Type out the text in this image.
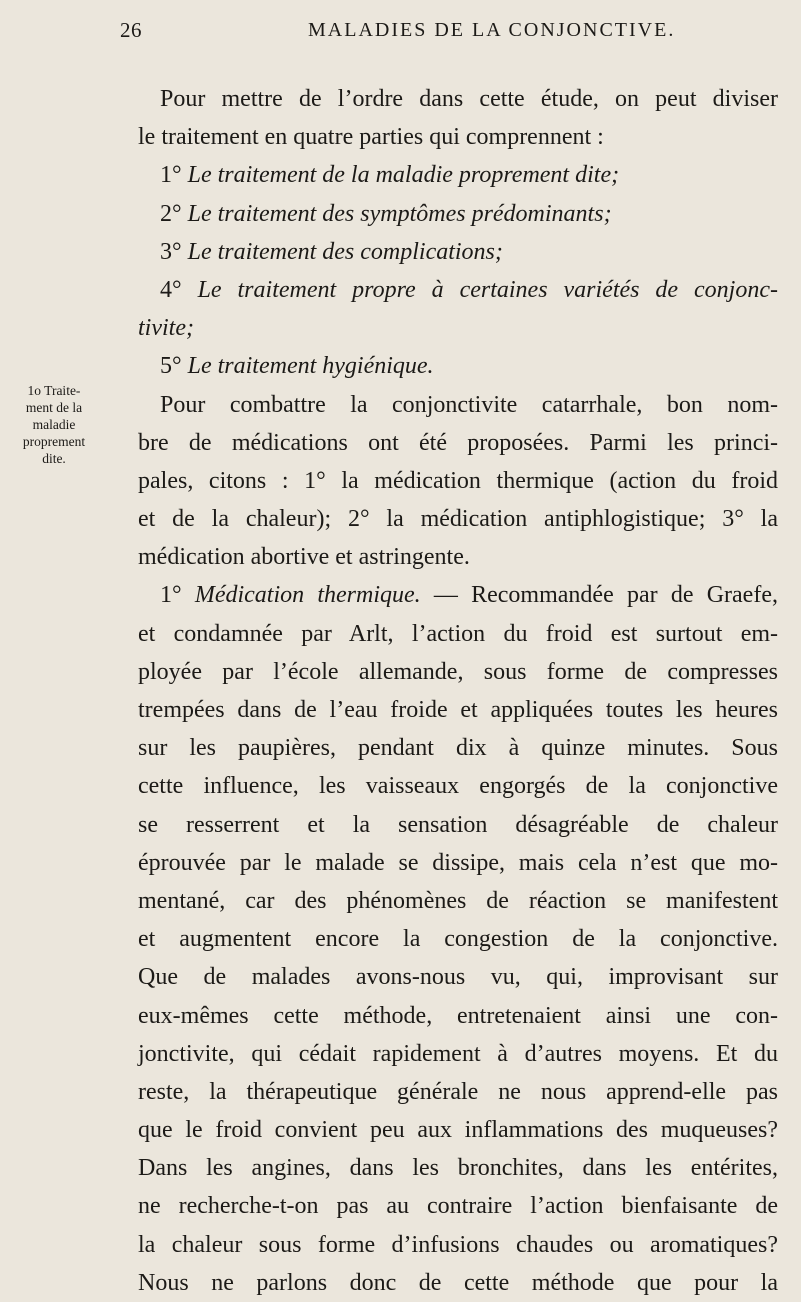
26	MALADIES DE LA CONJONCTIVE.
1o Traite-
ment de la
maladie
proprement
dite.
Pour mettre de l’ordre dans cette étude, on peut diviser
le traitement en quatre parties qui comprennent :
1° Le traitement de la maladie proprement dite;
2° Le traitement des symptômes prédominants;
3° Le traitement des complications;
4° Le traitement propre à certaines variétés de conjonc-
tivite;
5° Le traitement hygiénique.
Pour combattre la conjonctivite catarrhale, bon nom-
bre de médications ont été proposées. Parmi les princi-
pales, citons : 1° la médication thermique (action du froid
et de la chaleur); 2° la médication antiphlogistique; 3° la
médication abortive et astringente.
1° Médication thermique. — Recommandée par de Graefe,
et condamnée par Arlt, l’action du froid est surtout em-
ployée par l’école allemande, sous forme de compresses
trempées dans de l’eau froide et appliquées toutes les heures
sur les paupières, pendant dix à quinze minutes. Sous
cette influence, les vaisseaux engorgés de la conjonctive
se resserrent et la sensation désagréable de chaleur
éprouvée par le malade se dissipe, mais cela n’est que mo-
mentané, car des phénomènes de réaction se manifestent
et augmentent encore la congestion de la conjonctive.
Que de malades avons-nous vu, qui, improvisant sur
eux-mêmes cette méthode, entretenaient ainsi une con-
jonctivite, qui cédait rapidement à d’autres moyens. Et du
reste, la thérapeutique générale ne nous apprend-elle pas
que le froid convient peu aux inflammations des muqueuses?
Dans les angines, dans les bronchites, dans les entérites,
ne recherche-t-on pas au contraire l’action bienfaisante de
la chaleur sous forme d’infusions chaudes ou aromatiques?
Nous ne parlons donc de cette méthode que pour la
